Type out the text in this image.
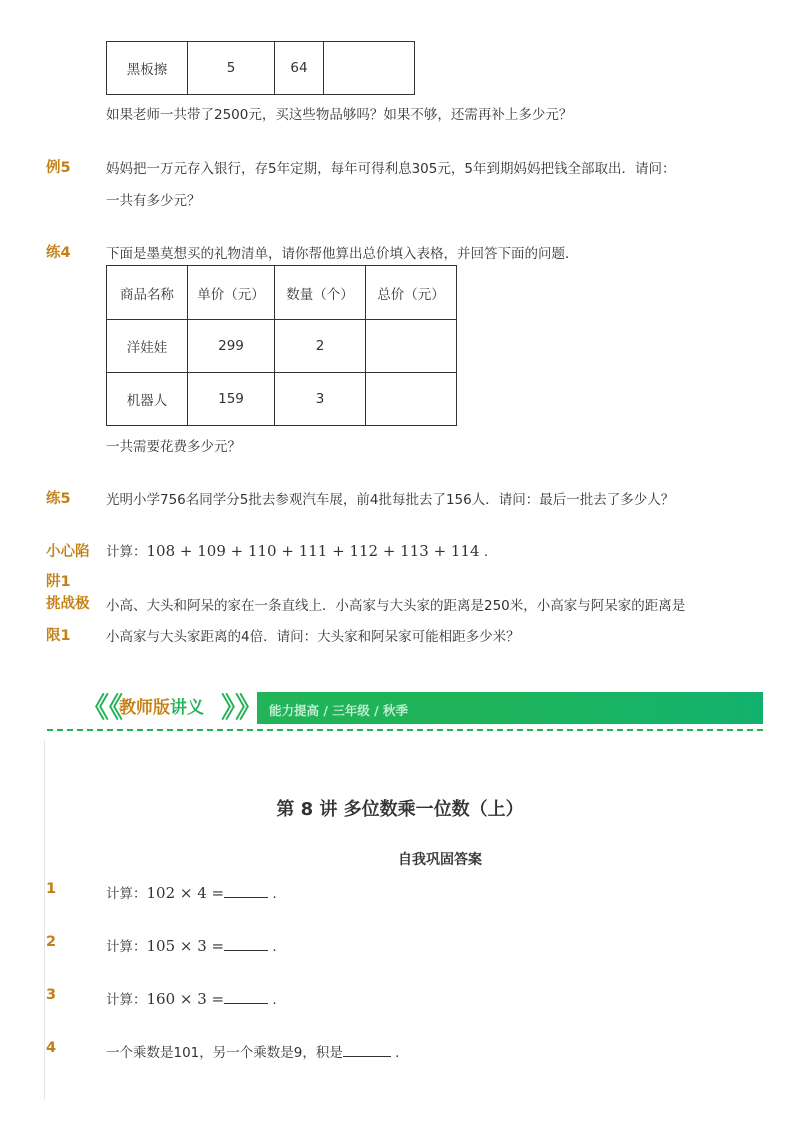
黑板擦	5	64	
如果老师一共带了2500元，买这些物品够吗？如果不够，还需再补上多少元？
例5	妈妈把一万元存入银行，存5年定期，每年可得利息305元，5年到期妈妈把钱全部取出．请问：
一共有多少元？
练4	下面是墨莫想买的礼物清单，请你帮他算出总价填入表格，并回答下面的问题．
商品名称	单价（元）	数量（个）	总价（元）
洋娃娃	299	2	
机器人	159	3	
一共需要花费多少元？
练5	光明小学756名同学分5批去参观汽车展，前4批每批去了156人．请问：最后一批去了多少人？
小心陷
阱1
计算：108 + 109 + 110 + 111 + 112 + 113 + 114 .
挑战极
限1
小高、大头和阿呆的家在一条直线上．小高家与大头家的距离是250米，小高家与阿呆家的距离是
小高家与大头家距离的4倍．请问：大头家和阿呆家可能相距多少米？
《《
教师版讲义 》》 能力提高 / 三年级 / 秋季
第 8 讲 多位数乘一位数（上）
自我巩固答案
1	计算：102 × 4 =	.
2	计算：105 × 3 =	.
3	计算：160 × 3 =	.
4	一个乘数是101，另一个乘数是9，积是	.
